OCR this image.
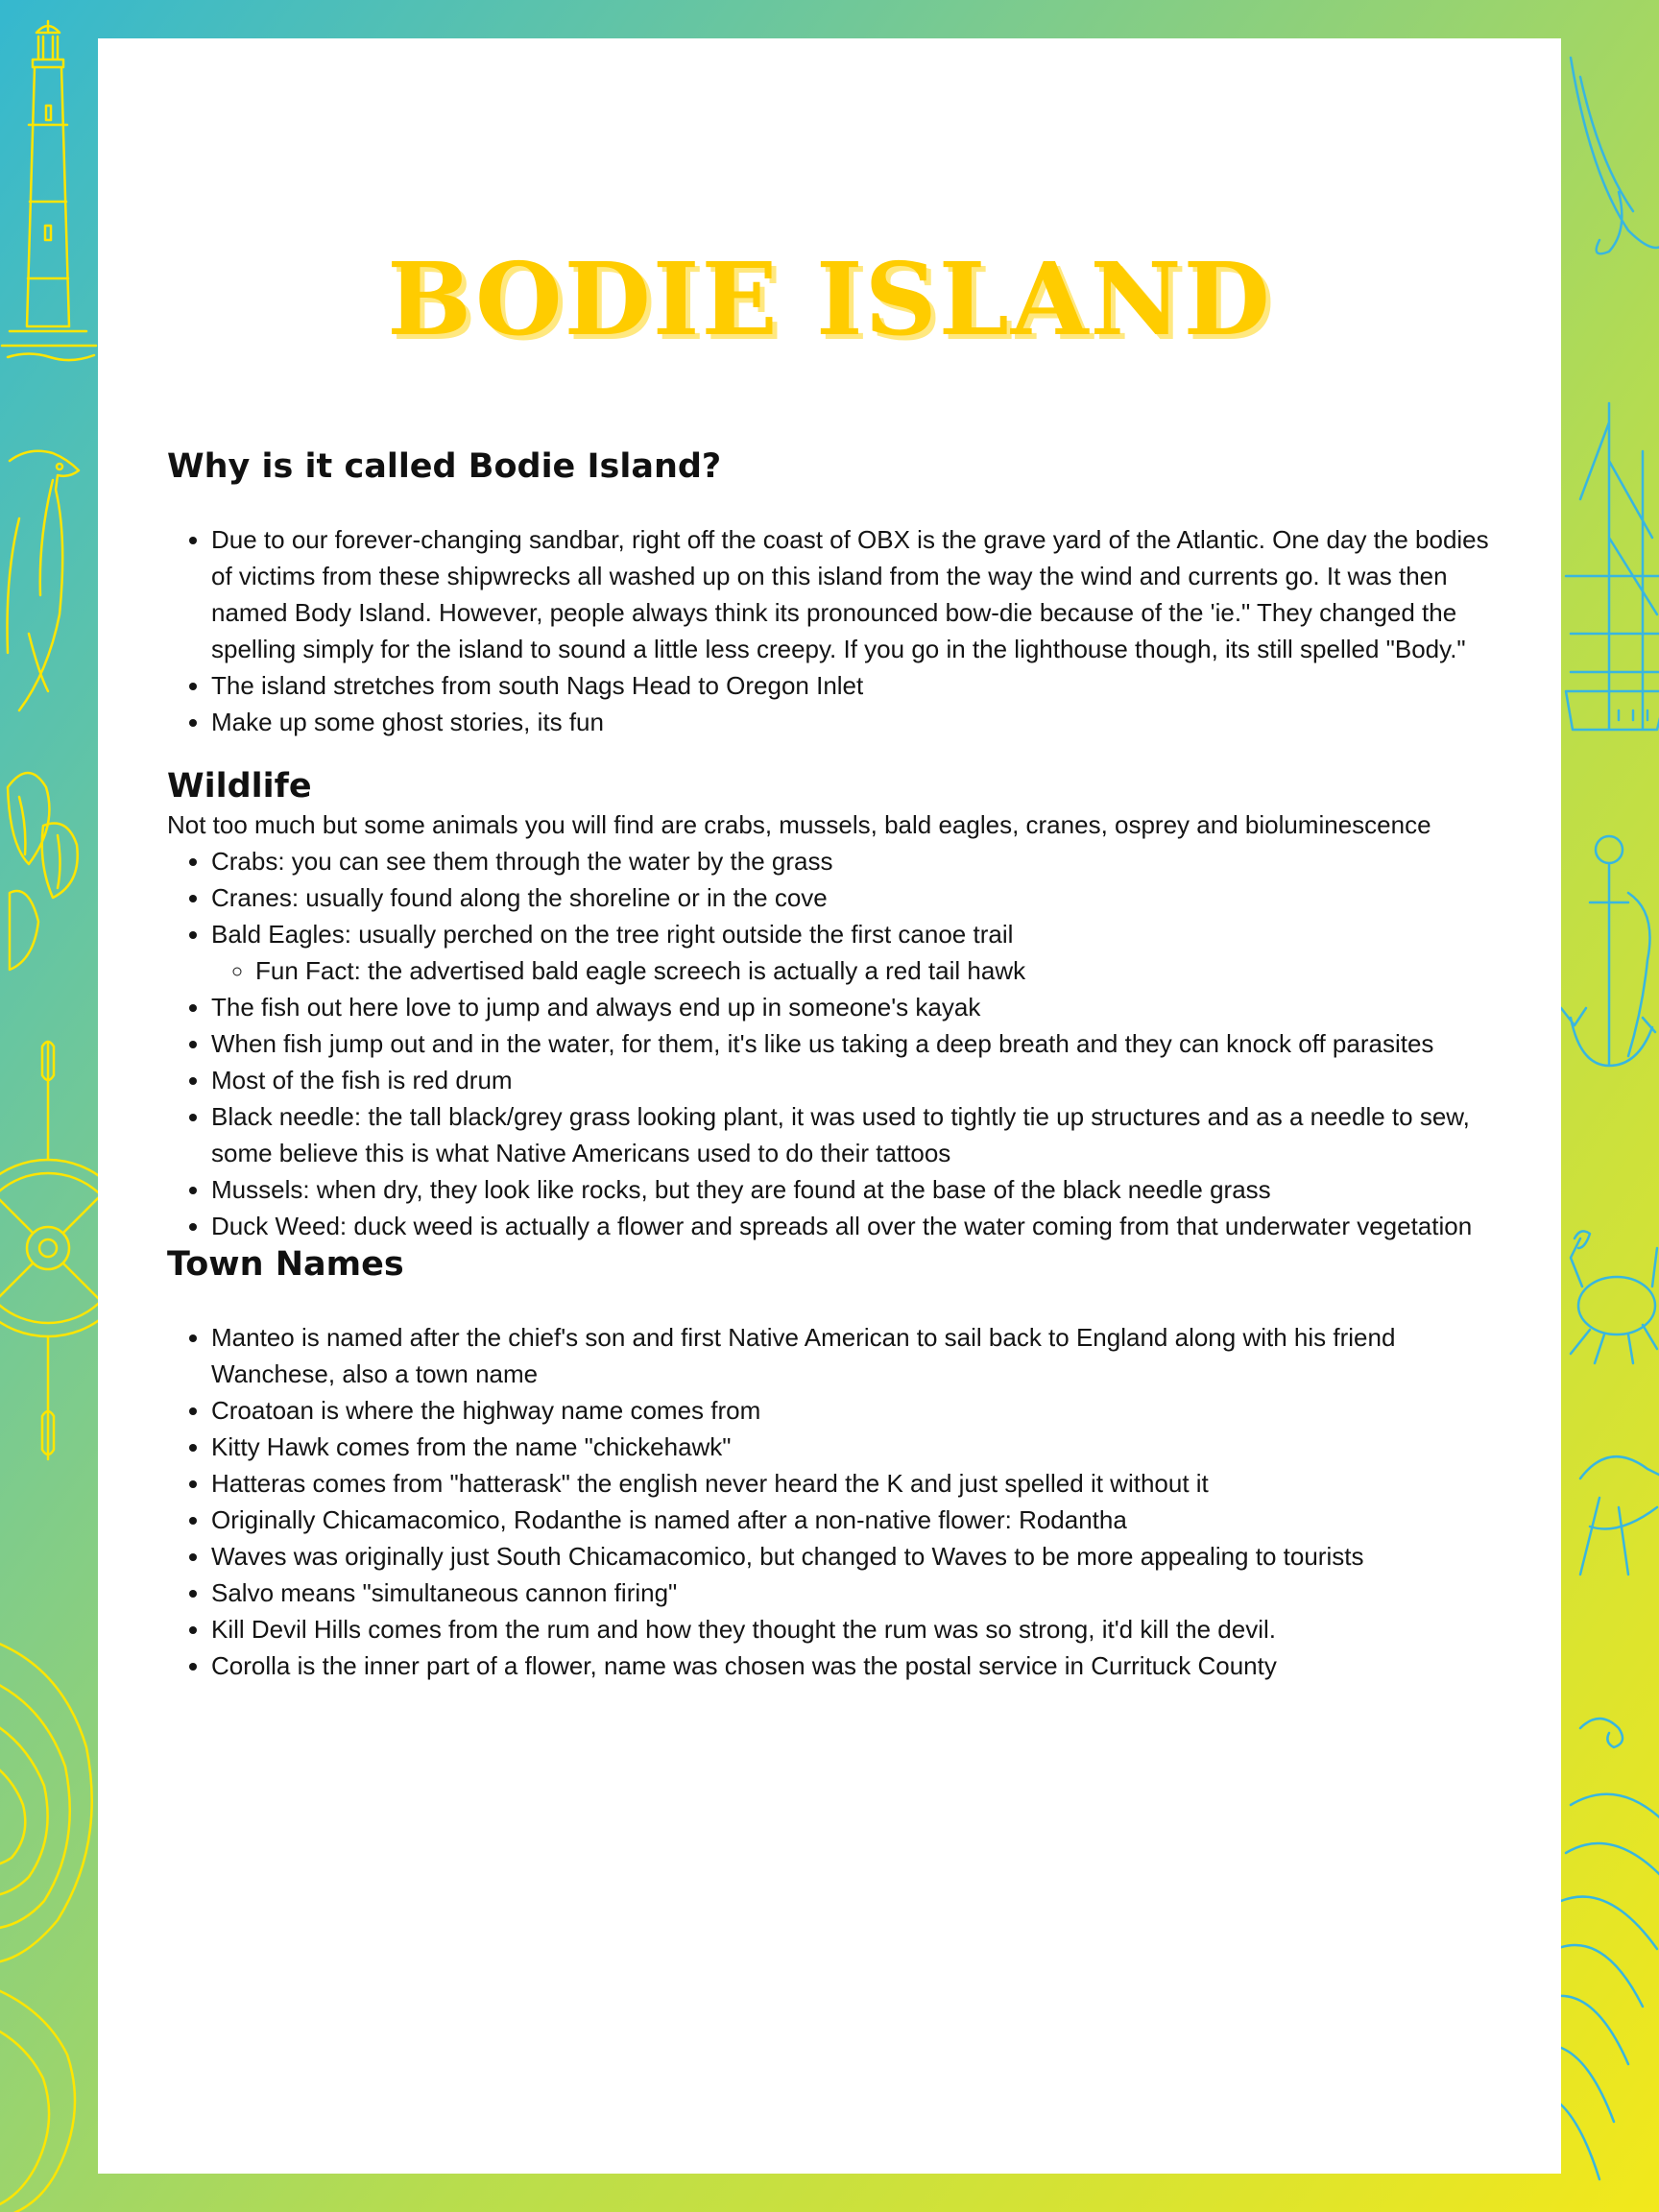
BODIE ISLAND
Why is it called Bodie Island?
• Due to our forever-changing sandbar, right off the coast of OBX is the grave yard of the Atlantic. One day the bodies of victims from these shipwrecks all washed up on this island from the way the wind and currents go. It was then named Body Island. However, people always think its pronounced bow-die because of the 'ie." They changed the spelling simply for the island to sound a little less creepy. If you go in the lighthouse though, its still spelled "Body."
• The island stretches from south Nags Head to Oregon Inlet
• Make up some ghost stories, its fun
Wildlife

Not too much but some animals you will find are crabs, mussels, bald eagles, cranes, osprey and bioluminescence

• Crabs: you can see them through the water by the grass
• Cranes: usually found along the shoreline or in the cove
• Bald Eagles: usually perched on the tree right outside the first canoe trail
◦ Fun Fact: the advertised bald eagle screech is actually a red tail hawk
• The fish out here love to jump and always end up in someone's kayak
• When fish jump out and in the water, for them, it's like us taking a deep breath and they can knock off parasites
• Most of the fish is red drum
• Black needle: the tall black/grey grass looking plant, it was used to tightly tie up structures and as a needle to sew, some believe this is what Native Americans used to do their tattoos
• Mussels: when dry, they look like rocks, but they are found at the base of the black needle grass
• Duck Weed: duck weed is actually a flower and spreads all over the water coming from that underwater vegetation
Town Names
• Manteo is named after the chief's son and first Native American to sail back to England along with his friend Wanchese, also a town name
• Croatoan is where the highway name comes from
• Kitty Hawk comes from the name "chickehawk"
• Hatteras comes from "hatterask" the english never heard the K and just spelled it without it
• Originally Chicamacomico, Rodanthe is named after a non-native flower: Rodantha
• Waves was originally just South Chicamacomico, but changed to Waves to be more appealing to tourists
• Salvo means "simultaneous cannon firing"
• Kill Devil Hills comes from the rum and how they thought the rum was so strong, it'd kill the devil.
• Corolla is the inner part of a flower, name was chosen was the postal service in Currituck County
